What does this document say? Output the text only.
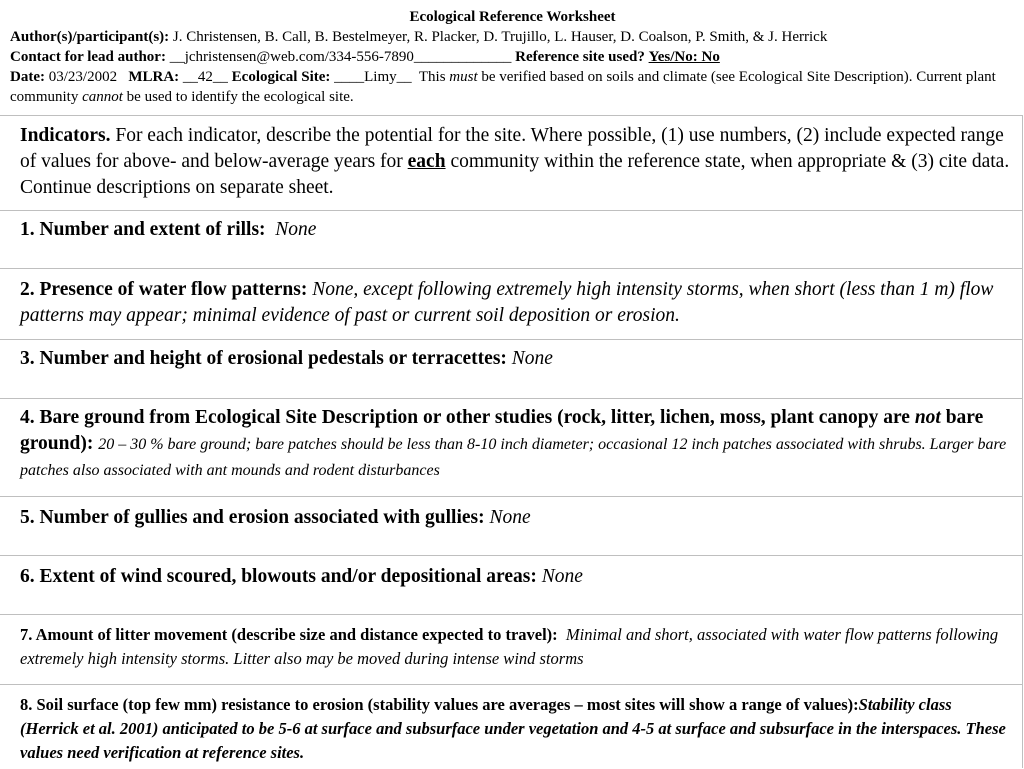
Ecological Reference Worksheet
Author(s)/participant(s): J. Christensen, B. Call, B. Bestelmeyer, R. Placker, D. Trujillo, L. Hauser, D. Coalson, P. Smith, & J. Herrick
Contact for lead author: __jchristensen@web.com/334-556-7890_____________ Reference site used? Yes/No: No
Date: 03/23/2002 MLRA: __42__ Ecological Site: ____Limy__ This must be verified based on soils and climate (see Ecological Site Description). Current plant community cannot be used to identify the ecological site.
Indicators. For each indicator, describe the potential for the site. Where possible, (1) use numbers, (2) include expected range of values for above- and below-average years for each community within the reference state, when appropriate & (3) cite data. Continue descriptions on separate sheet.
1. Number and extent of rills: None
2. Presence of water flow patterns: None, except following extremely high intensity storms, when short (less than 1 m) flow patterns may appear; minimal evidence of past or current soil deposition or erosion.
3. Number and height of erosional pedestals or terracettes: None
4. Bare ground from Ecological Site Description or other studies (rock, litter, lichen, moss, plant canopy are not bare ground): 20 – 30 % bare ground; bare patches should be less than 8-10 inch diameter; occasional 12 inch patches associated with shrubs. Larger bare patches also associated with ant mounds and rodent disturbances
5. Number of gullies and erosion associated with gullies: None
6. Extent of wind scoured, blowouts and/or depositional areas: None
7. Amount of litter movement (describe size and distance expected to travel): Minimal and short, associated with water flow patterns following extremely high intensity storms. Litter also may be moved during intense wind storms
8. Soil surface (top few mm) resistance to erosion (stability values are averages – most sites will show a range of values):Stability class (Herrick et al. 2001) anticipated to be 5-6 at surface and subsurface under vegetation and 4-5 at surface and subsurface in the interspaces. These values need verification at reference sites.
